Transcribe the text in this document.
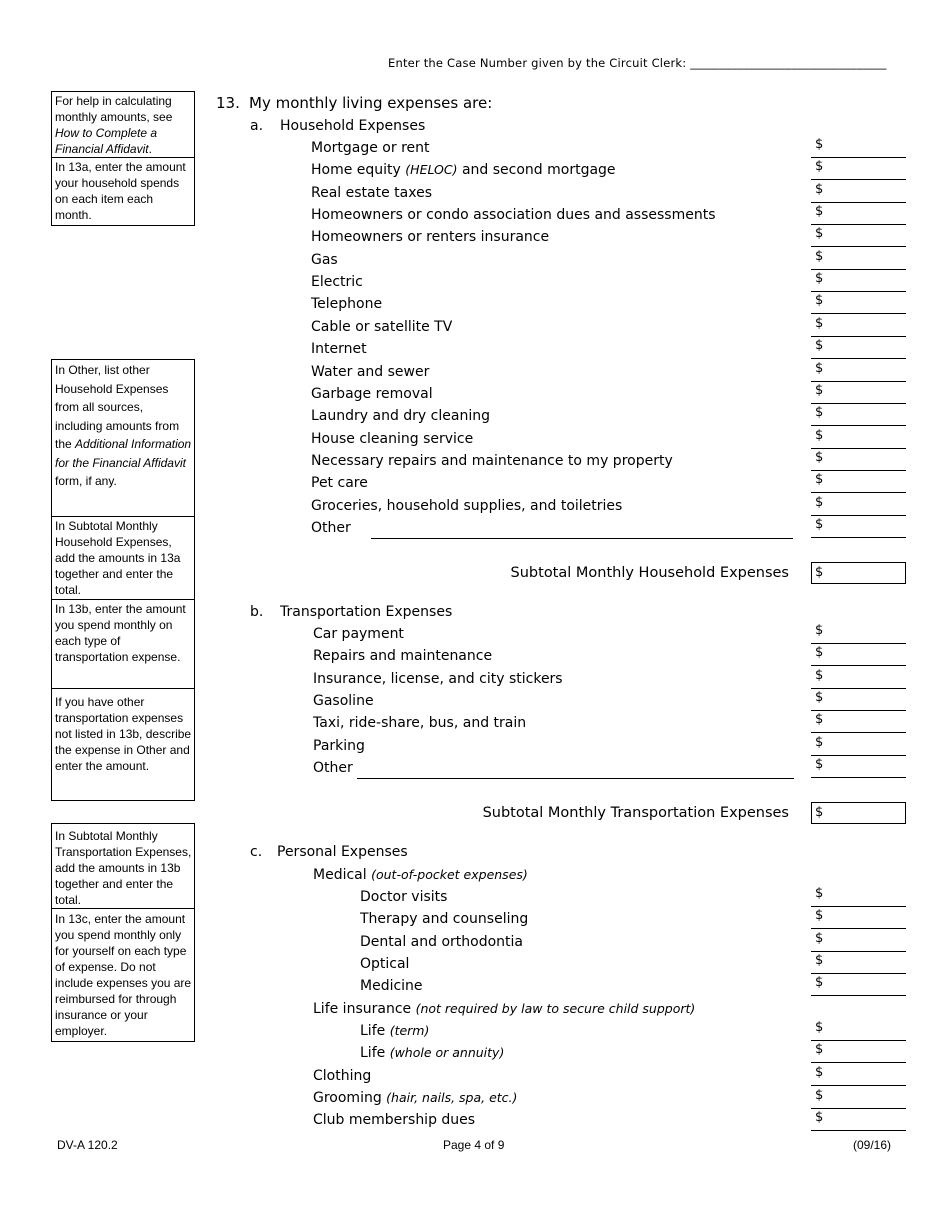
Enter the Case Number given by the Circuit Clerk: _________________________________
For help in calculating monthly amounts, see How to Complete a Financial Affidavit.
In 13a, enter the amount your household spends on each item each month.
In Other, list other Household Expenses from all sources, including amounts from the Additional Information for the Financial Affidavit form, if any.
In Subtotal Monthly Household Expenses, add the amounts in 13a together and enter the total.
In 13b, enter the amount you spend monthly on each type of transportation expense.
If you have other transportation expenses not listed in 13b, describe the expense in Other and enter the amount.
In Subtotal Monthly Transportation Expenses, add the amounts in 13b together and enter the total.
In 13c, enter the amount you spend monthly only for yourself on each type of expense. Do not include expenses you are reimbursed for through insurance or your employer.
13. My monthly living expenses are:
a. Household Expenses
Mortgage or rent	$
Home equity (HELOC) and second mortgage	$
Real estate taxes	$
Homeowners or condo association dues and assessments	$
Homeowners or renters insurance	$
Gas	$
Electric	$
Telephone	$
Cable or satellite TV	$
Internet	$
Water and sewer	$
Garbage removal	$
Laundry and dry cleaning	$
House cleaning service	$
Necessary repairs and maintenance to my property	$
Pet care	$
Groceries, household supplies, and toiletries	$
Other	$
Subtotal Monthly Household Expenses	$
b. Transportation Expenses
Car payment	$
Repairs and maintenance	$
Insurance, license, and city stickers	$
Gasoline	$
Taxi, ride-share, bus, and train	$
Parking	$
Other	$
Subtotal Monthly Transportation Expenses	$
c. Personal Expenses
Medical (out-of-pocket expenses)
Doctor visits	$
Therapy and counseling	$
Dental and orthodontia	$
Optical	$
Medicine	$
Life insurance (not required by law to secure child support)
Life (term)	$
Life (whole or annuity)	$
Clothing	$
Grooming (hair, nails, spa, etc.)	$
Club membership dues	$
DV-A 120.2	Page 4 of 9	(09/16)
